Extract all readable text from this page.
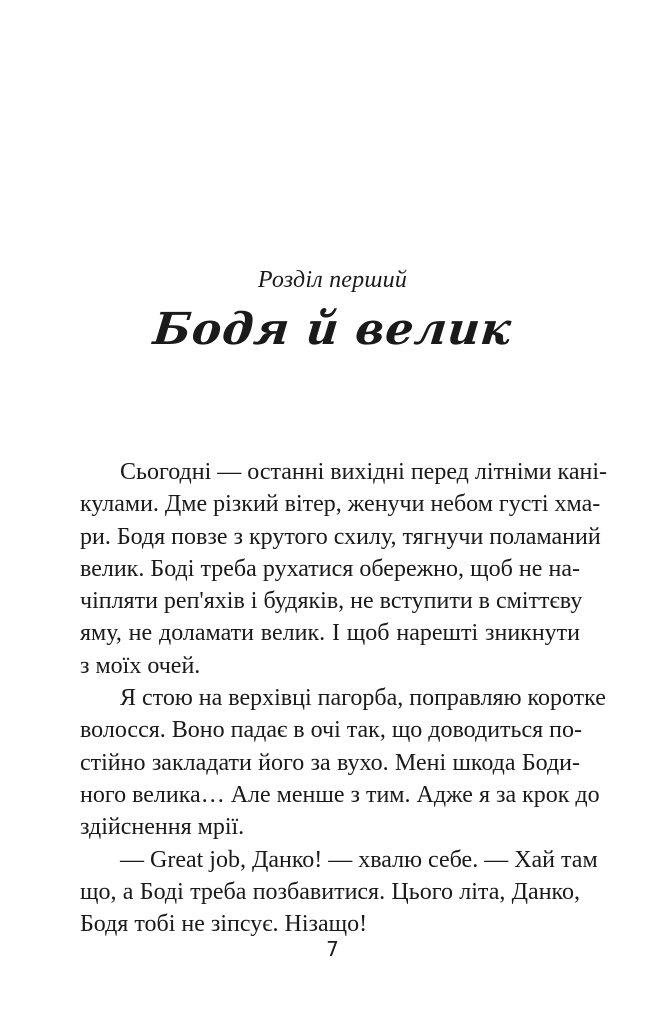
Розділ перший
Бодя й велик
Сьогодні — останні вихідні перед літніми кані-
кулами. Дме різкий вітер, женучи небом густі хма-
ри. Бодя повзе з крутого схилу, тягнучи поламаний
велик. Боді треба рухатися обережно, щоб не на-
чіпляти реп'яхів і будяків, не вступити в сміттєву
яму, не доламати велик. І щоб нарешті зникнути
з моїх очей.
Я стою на верхівці пагорба, поправляю коротке
волосся. Воно падає в очі так, що доводиться по-
стійно закладати його за вухо. Мені шкода Боди-
ного велика… Але менше з тим. Адже я за крок до
здійснення мрії.
— Great job, Данко! — хвалю себе. — Хай там
що, а Боді треба позбавитися. Цього літа, Данко,
Бодя тобі не зіпсує. Нізащо!
7
